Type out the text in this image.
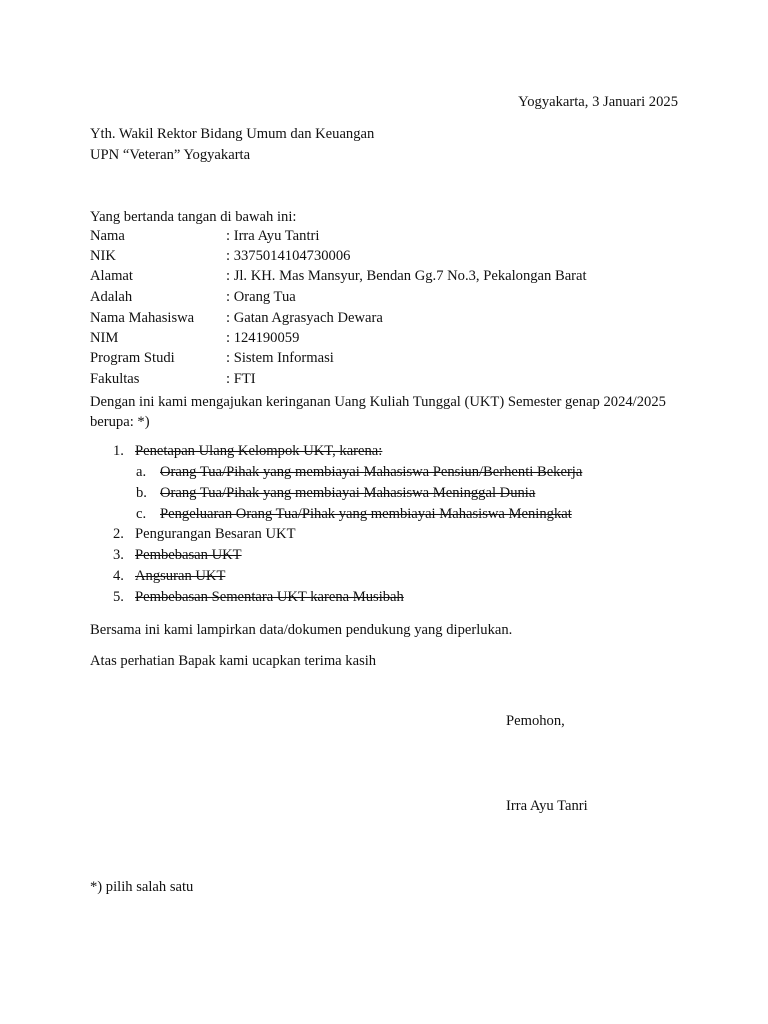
Yogyakarta, 3 Januari 2025
Yth. Wakil Rektor Bidang Umum dan Keuangan
UPN “Veteran” Yogyakarta
Yang bertanda tangan di bawah ini:
Nama	: Irra Ayu Tantri
NIK	: 3375014104730006
Alamat	: Jl. KH. Mas Mansyur, Bendan Gg.7 No.3, Pekalongan Barat
Adalah	: Orang Tua
Nama Mahasiswa : Gatan Agrasyach Dewara
NIM	: 124190059
Program Studi	: Sistem Informasi
Fakultas	: FTI
Dengan ini kami mengajukan keringanan Uang Kuliah Tunggal (UKT) Semester genap 2024/2025
berupa: *)
1. Penetapan Ulang Kelompok UKT, karena:
a. Orang Tua/Pihak yang membiayai Mahasiswa Pensiun/Berhenti Bekerja
b. Orang Tua/Pihak yang membiayai Mahasiswa Meninggal Dunia
c. Pengeluaran Orang Tua/Pihak yang membiayai Mahasiswa Meningkat
2. Pengurangan Besaran UKT
3. Pembebasan UKT
4. Angsuran UKT
5. Pembebasan Sementara UKT karena Musibah
Bersama ini kami lampirkan data/dokumen pendukung yang diperlukan.
Atas perhatian Bapak kami ucapkan terima kasih
Pemohon,
Irra Ayu Tanri
*) pilih salah satu
